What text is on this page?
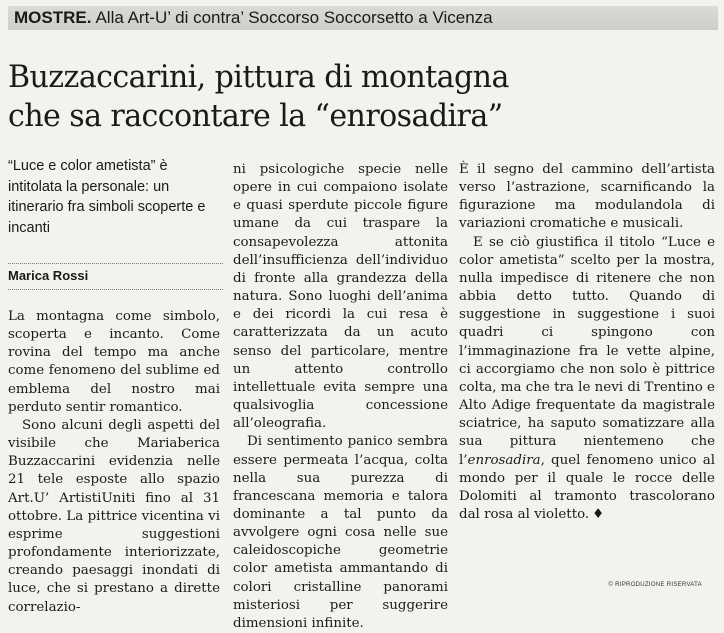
MOSTRE. Alla Art-U’ di contra’ Soccorso Soccorsetto a Vicenza
Buzzaccarini, pittura di montagna
che sa raccontare la “enrosadira”
“Luce e color ametista” è intitolata la personale: un itinerario fra simboli scoperte e incanti
Marica Rossi

La montagna come simbolo, scoperta e incanto. Come rovina del tempo ma anche come fenomeno del sublime ed emblema del nostro mai perduto sentir romantico.

Sono alcuni degli aspetti del visibile che Mariaberica Buzzaccarini evidenzia nelle 21 tele esposte allo spazio Art.U’ ArtistiUniti fino al 31 ottobre. La pittrice vicentina vi esprime suggestioni profondamente interiorizzate, creando paesaggi inondati di luce, che si prestano a dirette correlazio-

ni psicologiche specie nelle opere in cui compaiono isolate e quasi sperdute piccole figure umane da cui traspare la consapevolezza attonita dell’insufficienza dell’individuo di fronte alla grandezza della natura. Sono luoghi dell’anima e dei ricordi la cui resa è caratterizzata da un acuto senso del particolare, mentre un attento controllo intellettuale evita sempre una qualsivoglia concessione all’oleografia.

Di sentimento panico sembra essere permeata l’acqua, colta nella sua purezza di francescana memoria e talora dominante a tal punto da avvolgere ogni cosa nelle sue caleidoscopiche geometrie color ametista ammantando di colori cristalline panorami misteriosi per suggerire dimensioni infinite.

È il segno del cammino dell’artista verso l’astrazione, scarnificando la figurazione ma modulandola di variazioni cromatiche e musicali.

E se ciò giustifica il titolo “Luce e color ametista” scelto per la mostra, nulla impedisce di ritenere che non abbia detto tutto. Quando di suggestione in suggestione i suoi quadri ci spingono con l’immaginazione fra le vette alpine, ci accorgiamo che non solo è pittrice colta, ma che tra le nevi di Trentino e Alto Adige frequentate da magistrale sciatrice, ha saputo somatizzare alla sua pittura nientemeno che l’enrosadira, quel fenomeno unico al mondo per il quale le rocce delle Dolomiti al tramonto trascolorano dal rosa al violetto. ♦

© RIPRODUZIONE RISERVATA
